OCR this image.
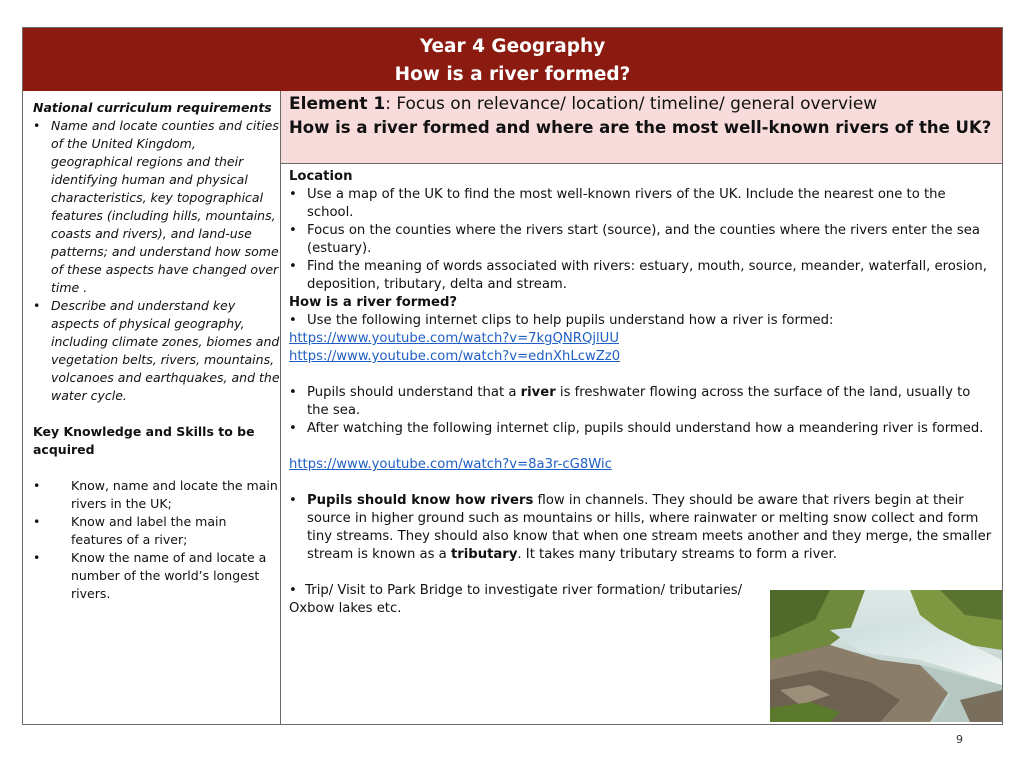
Year 4 Geography
How is a river formed?
National curriculum requirements
• Name and locate counties and cities of the United Kingdom, geographical regions and their identifying human and physical characteristics, key topographical features (including hills, mountains, coasts and rivers), and land-use patterns; and understand how some of these aspects have changed over time .
• Describe and understand key aspects of physical geography, including climate zones, biomes and vegetation belts, rivers, mountains, volcanoes and earthquakes, and the water cycle.
Key Knowledge and Skills to be acquired
• Know, name and locate the main rivers in the UK;
• Know and label the main features of a river;
• Know the name of and locate a number of the world’s longest rivers.
Element 1: Focus on relevance/ location/ timeline/ general overview
How is a river formed and where are the most well-known rivers of the UK?
Location
• Use a map of the UK to find the most well-known rivers of the UK. Include the nearest one to the school.
• Focus on the counties where the rivers start (source), and the counties where the rivers enter the sea (estuary).
• Find the meaning of words associated with rivers: estuary, mouth, source, meander, waterfall, erosion, deposition, tributary, delta and stream.
How is a river formed?
• Use the following internet clips to help pupils understand how a river is formed:
https://www.youtube.com/watch?v=7kgQNRQjlUU
https://www.youtube.com/watch?v=ednXhLcwZz0
• Pupils should understand that a river is freshwater flowing across the surface of the land, usually to the sea.
• After watching the following internet clip, pupils should understand how a meandering river is formed.
https://www.youtube.com/watch?v=8a3r-cG8Wic
• Pupils should know how rivers flow in channels. They should be aware that rivers begin at their source in higher ground such as mountains or hills, where rainwater or melting snow collect and form tiny streams. They should also know that when one stream meets another and they merge, the smaller stream is known as a tributary. It takes many tributary streams to form a river.
• Trip/ Visit to Park Bridge to investigate river formation/ tributaries/
Oxbow lakes etc.
9
